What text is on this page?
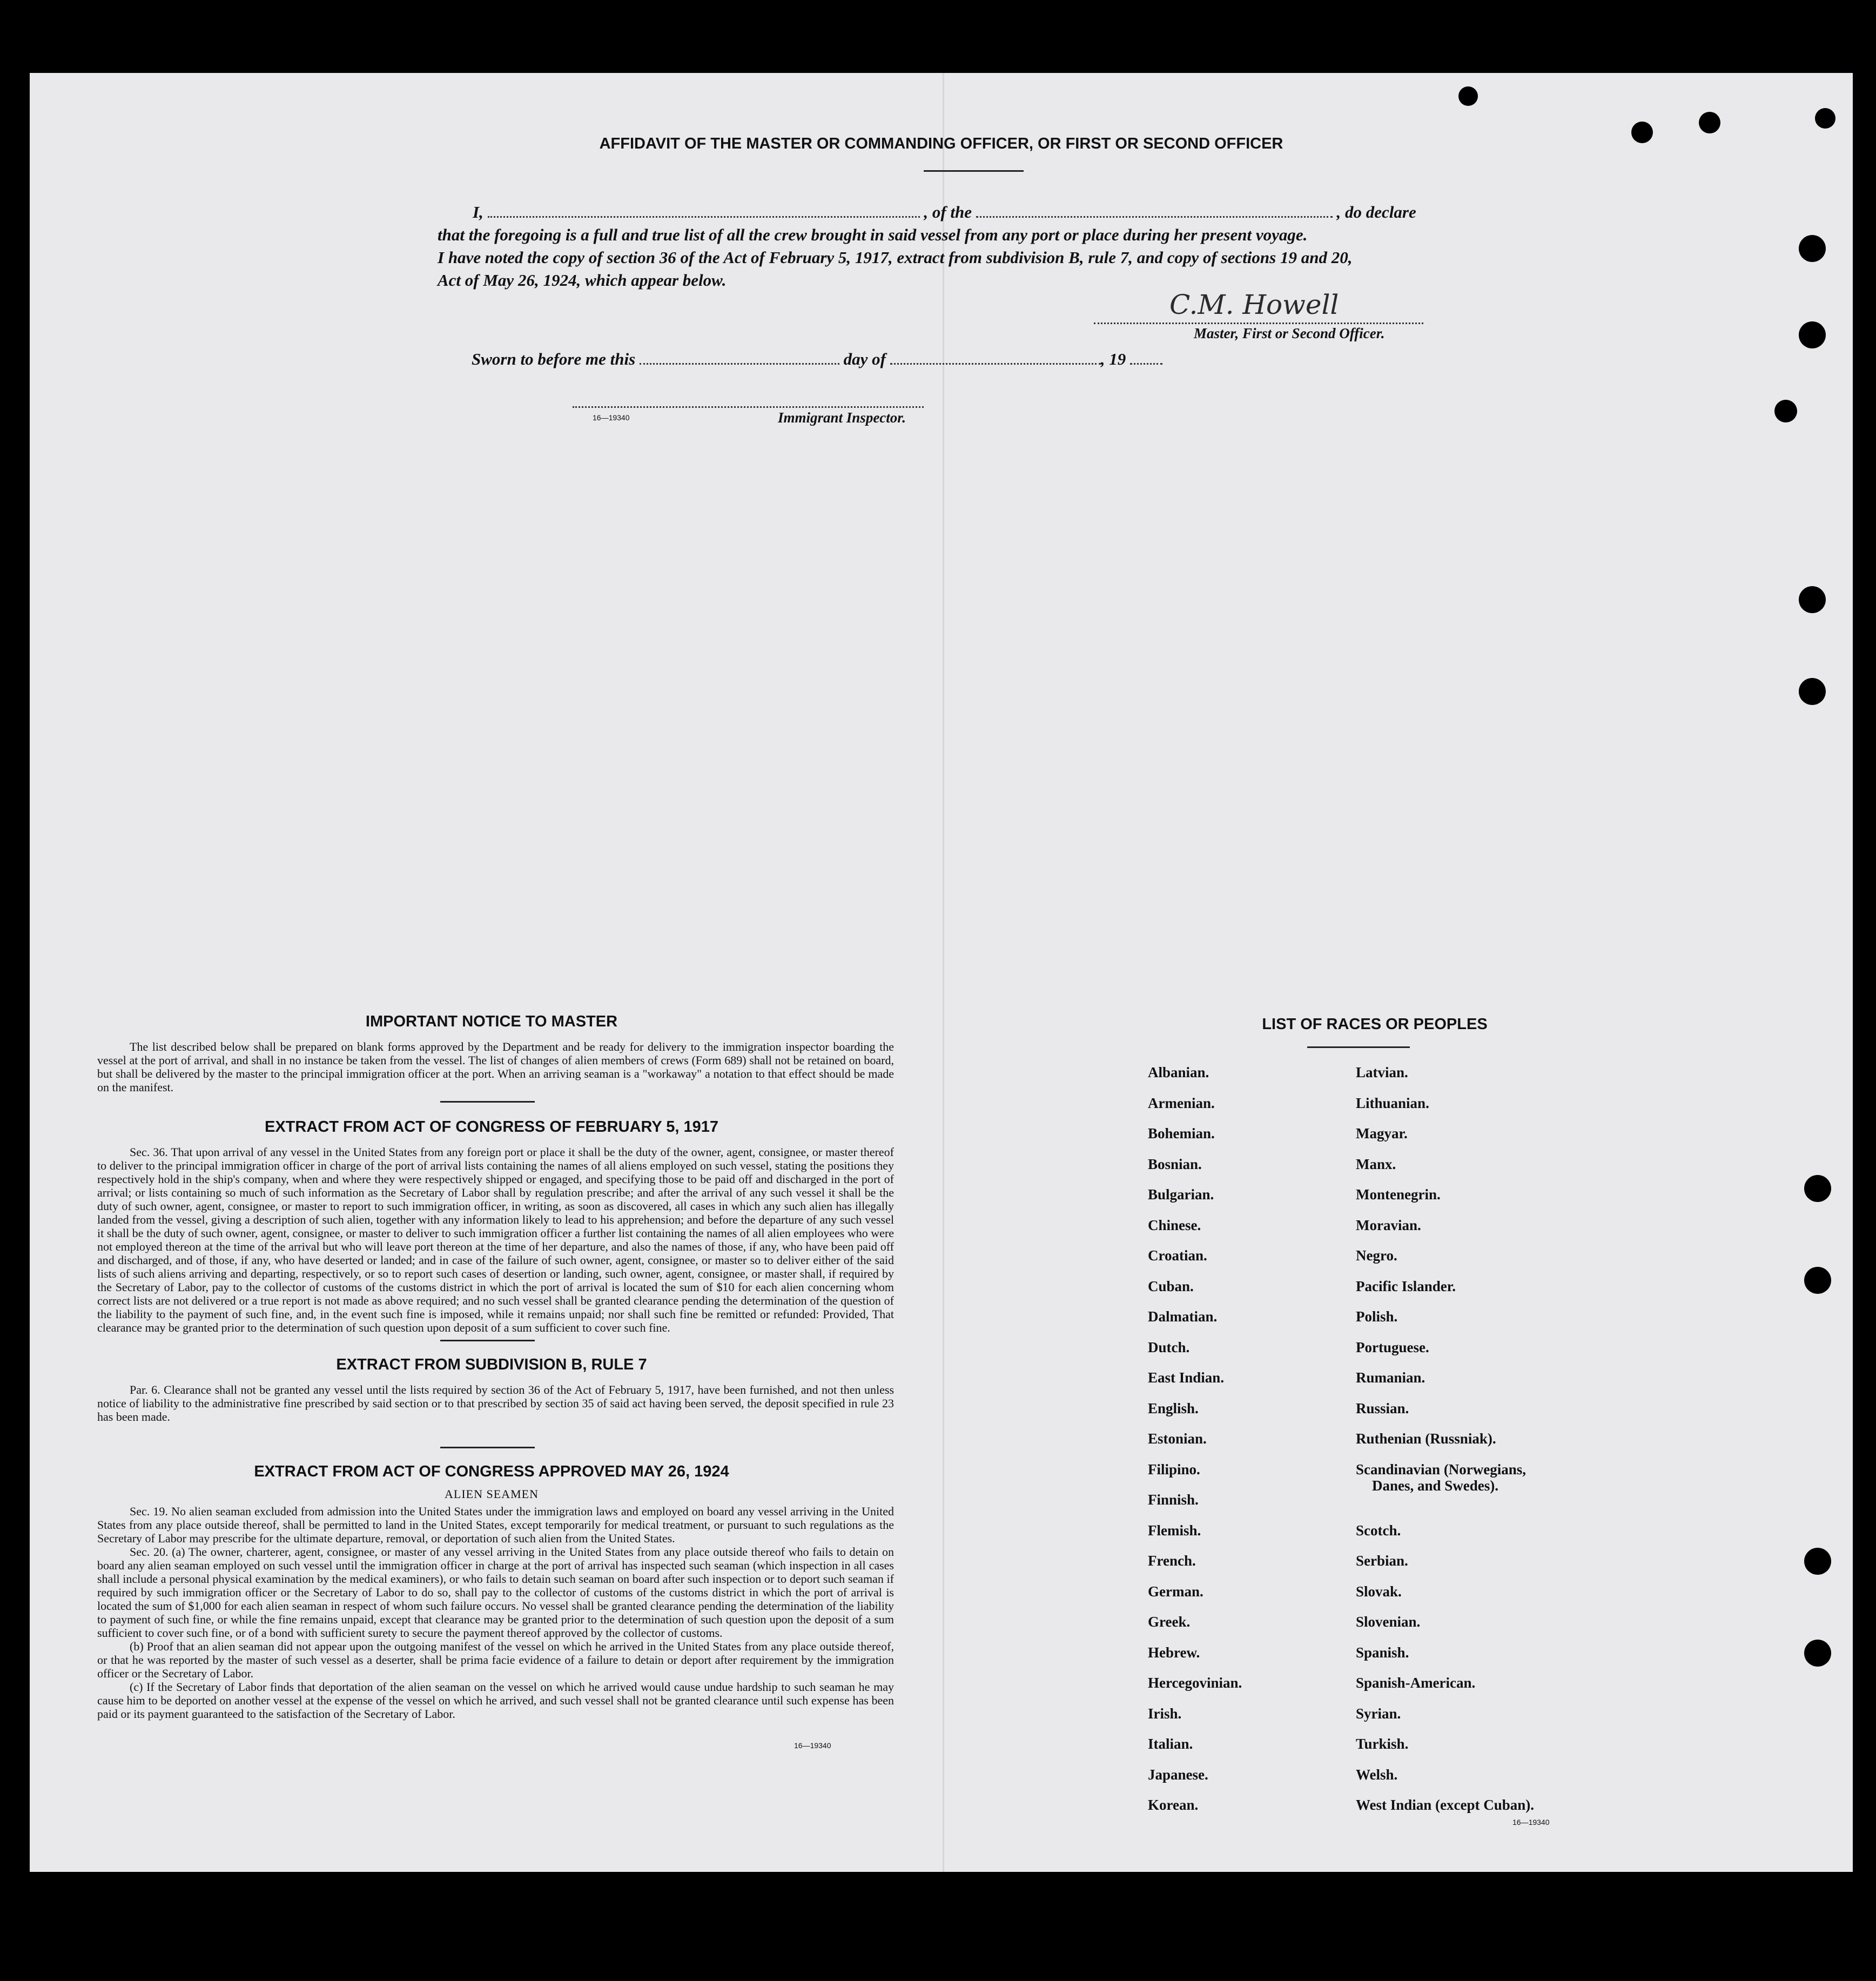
AFFIDAVIT OF THE MASTER OR COMMANDING OFFICER, OR FIRST OR SECOND OFFICER
I,	, of the	, do declare
that the foregoing is a full and true list of all the crew brought in said vessel from any port or place during her present voyage.
I have noted the copy of section 36 of the Act of February 5, 1917, extract from subdivision B, rule 7, and copy of sections 19 and 20,
Act of May 26, 1924, which appear below.
C.M. Howell
Master, First or Second Officer.
Sworn to before me this	day of	, 19
16—19340	Immigrant Inspector.
IMPORTANT NOTICE TO MASTER
The list described below shall be prepared on blank forms approved by the Department and be ready for delivery to the immigration inspector boarding the vessel at the port of arrival, and shall in no instance be taken from the vessel. The list of changes of alien members of crews (Form 689) shall not be retained on board, but shall be delivered by the master to the principal immigration officer at the port. When an arriving seaman is a "workaway" a notation to that effect should be made on the manifest.
EXTRACT FROM ACT OF CONGRESS OF FEBRUARY 5, 1917
Sec. 36. That upon arrival of any vessel in the United States from any foreign port or place it shall be the duty of the owner, agent, consignee, or master thereof to deliver to the principal immigration officer in charge of the port of arrival lists containing the names of all aliens employed on such vessel, stating the positions they respectively hold in the ship's company, when and where they were respectively shipped or engaged, and specifying those to be paid off and discharged in the port of arrival; or lists containing so much of such information as the Secretary of Labor shall by regulation prescribe; and after the arrival of any such vessel it shall be the duty of such owner, agent, consignee, or master to report to such immigration officer, in writing, as soon as discovered, all cases in which any such alien has illegally landed from the vessel, giving a description of such alien, together with any information likely to lead to his apprehension; and before the departure of any such vessel it shall be the duty of such owner, agent, consignee, or master to deliver to such immigration officer a further list containing the names of all alien employees who were not employed thereon at the time of the arrival but who will leave port thereon at the time of her departure, and also the names of those, if any, who have been paid off and discharged, and of those, if any, who have deserted or landed; and in case of the failure of such owner, agent, consignee, or master so to deliver either of the said lists of such aliens arriving and departing, respectively, or so to report such cases of desertion or landing, such owner, agent, consignee, or master shall, if required by the Secretary of Labor, pay to the collector of customs of the customs district in which the port of arrival is located the sum of $10 for each alien concerning whom correct lists are not delivered or a true report is not made as above required; and no such vessel shall be granted clearance pending the determination of the question of the liability to the payment of such fine, and, in the event such fine is imposed, while it remains unpaid; nor shall such fine be remitted or refunded: Provided, That clearance may be granted prior to the determination of such question upon deposit of a sum sufficient to cover such fine.
EXTRACT FROM SUBDIVISION B, RULE 7
Par. 6. Clearance shall not be granted any vessel until the lists required by section 36 of the Act of February 5, 1917, have been furnished, and not then unless notice of liability to the administrative fine prescribed by said section or to that prescribed by section 35 of said act having been served, the deposit specified in rule 23 has been made.
EXTRACT FROM ACT OF CONGRESS APPROVED MAY 26, 1924
ALIEN SEAMEN
Sec. 19. No alien seaman excluded from admission into the United States under the immigration laws and employed on board any vessel arriving in the United States from any place outside thereof, shall be permitted to land in the United States, except temporarily for medical treatment, or pursuant to such regulations as the Secretary of Labor may prescribe for the ultimate departure, removal, or deportation of such alien from the United States.
Sec. 20. (a) The owner, charterer, agent, consignee, or master of any vessel arriving in the United States from any place outside thereof who fails to detain on board any alien seaman employed on such vessel until the immigration officer in charge at the port of arrival has inspected such seaman (which inspection in all cases shall include a personal physical examination by the medical examiners), or who fails to detain such seaman on board after such inspection or to deport such seaman if required by such immigration officer or the Secretary of Labor to do so, shall pay to the collector of customs of the customs district in which the port of arrival is located the sum of $1,000 for each alien seaman in respect of whom such failure occurs. No vessel shall be granted clearance pending the determination of the liability to payment of such fine, or while the fine remains unpaid, except that clearance may be granted prior to the determination of such question upon the deposit of a sum sufficient to cover such fine, or of a bond with sufficient surety to secure the payment thereof approved by the collector of customs.
(b) Proof that an alien seaman did not appear upon the outgoing manifest of the vessel on which he arrived in the United States from any place outside thereof, or that he was reported by the master of such vessel as a deserter, shall be prima facie evidence of a failure to detain or deport after requirement by the immigration officer or the Secretary of Labor.
(c) If the Secretary of Labor finds that deportation of the alien seaman on the vessel on which he arrived would cause undue hardship to such seaman he may cause him to be deported on another vessel at the expense of the vessel on which he arrived, and such vessel shall not be granted clearance until such expense has been paid or its payment guaranteed to the satisfaction of the Secretary of Labor.
16—19340
LIST OF RACES OR PEOPLES
Albanian.
Armenian.
Bohemian.
Bosnian.
Bulgarian.
Chinese.
Croatian.
Cuban.
Dalmatian.
Dutch.
East Indian.
English.
Estonian.
Filipino.
Finnish.
Flemish.
French.
German.
Greek.
Hebrew.
Hercegovinian.
Irish.
Italian.
Japanese.
Korean.
Latvian.
Lithuanian.
Magyar.
Manx.
Montenegrin.
Moravian.
Negro.
Pacific Islander.
Polish.
Portuguese.
Rumanian.
Russian.
Ruthenian (Russniak).
Scandinavian (Norwegians,
Danes, and Swedes).
Scotch.
Serbian.
Slovak.
Slovenian.
Spanish.
Spanish-American.
Syrian.
Turkish.
Welsh.
West Indian (except Cuban).
16—19340
